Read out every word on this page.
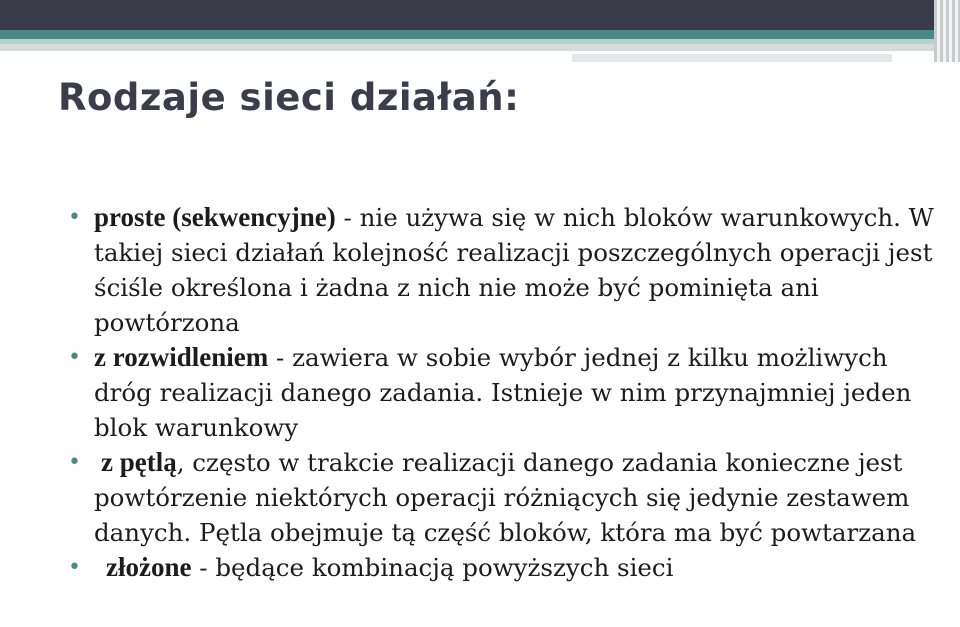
Rodzaje sieci działań:
• proste (sekwencyjne) - nie używa się w nich bloków warunkowych. W takiej sieci działań kolejność realizacji poszczególnych operacji jest ściśle określona i żadna z nich nie może być pominięta ani powtórzona
• z rozwidleniem - zawiera w sobie wybór jednej z kilku możliwych dróg realizacji danego zadania. Istnieje w nim przynajmniej jeden blok warunkowy
• z pętlą, często w trakcie realizacji danego zadania konieczne jest powtórzenie niektórych operacji różniących się jedynie zestawem danych. Pętla obejmuje tą część bloków, która ma być powtarzana
• złożone - będące kombinacją powyższych sieci
